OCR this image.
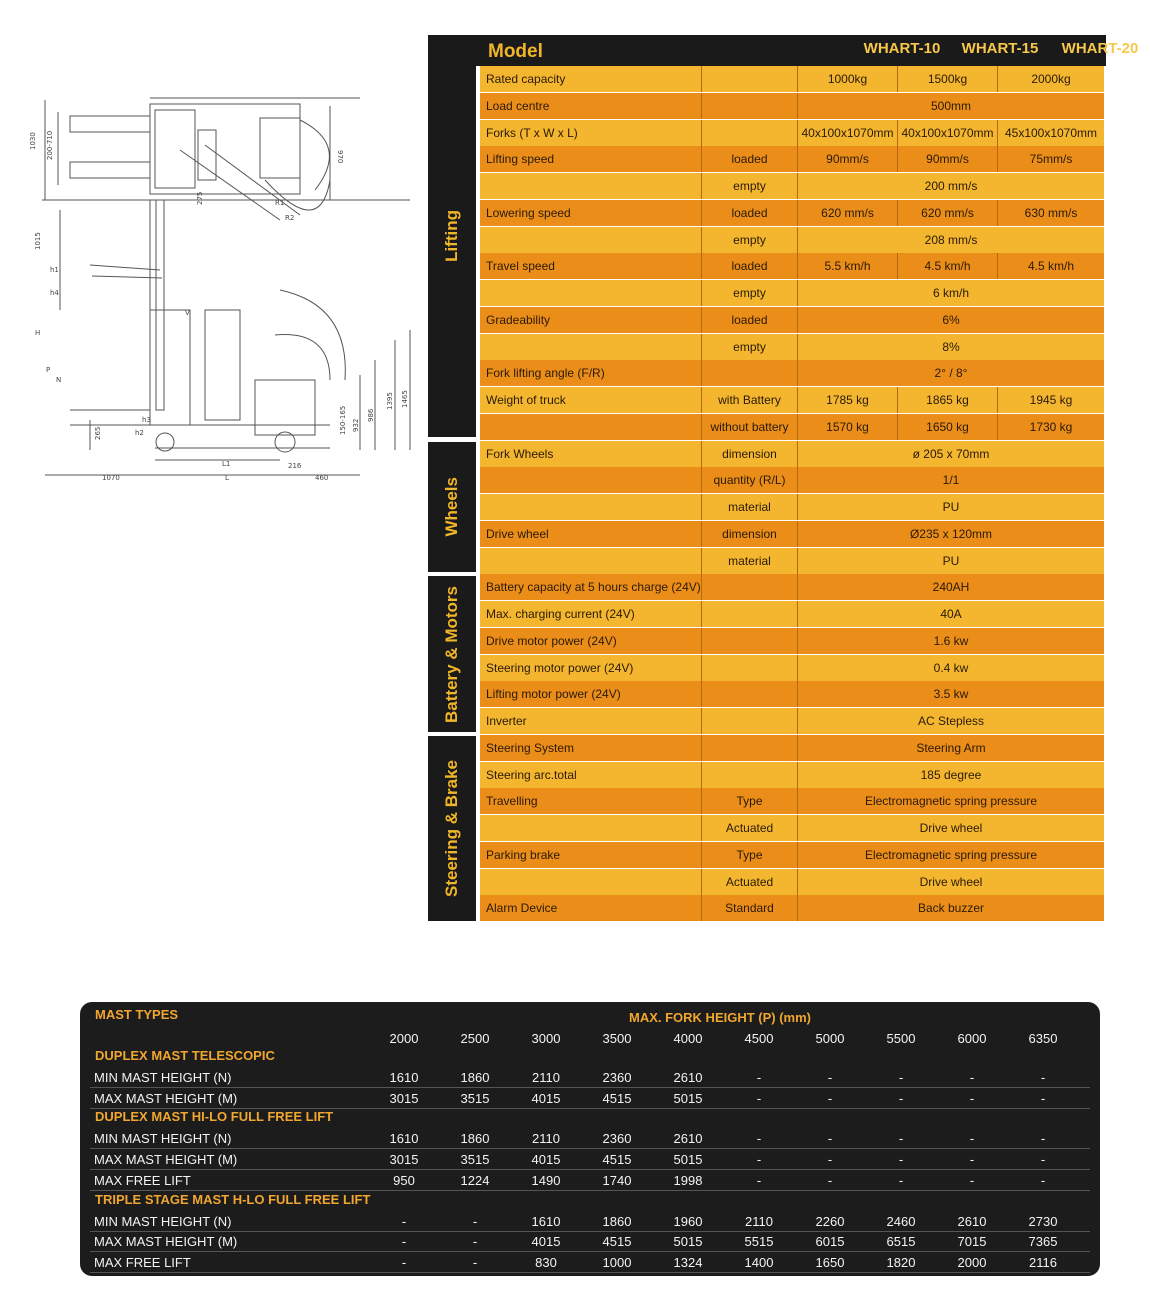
1030 200-710	970
275	R1
R2
1015
h1
h4
H
P
N
h3	150-165 932
986
1395 1465
L1	216
L	460
1070
265	h2
V
Lifting
Wheels
Battery & Motors
Steering & Brake
Model	WHART-10	WHART-15	WHART-20
Rated capacity	1000kg	1500kg	2000kg
Load centre	500mm
Forks (T x W x L)	40x100x1070mm 40x100x1070mm 45x100x1070mm
Lifting speed	loaded	90mm/s	90mm/s	75mm/s
empty	200 mm/s
Lowering speed	loaded	620 mm/s	620 mm/s	630 mm/s
empty	208 mm/s
Travel speed	loaded	5.5 km/h	4.5 km/h	4.5 km/h
empty	6 km/h
Gradeability	loaded	6%
empty	8%
Fork lifting angle (F/R)	2° / 8°
Weight of truck	with Battery	1785 kg	1865 kg	1945 kg
without battery	1570 kg	1650 kg	1730 kg
Fork Wheels	dimension	ø 205 x 70mm
quantity (R/L)	1/1
material	PU
Drive wheel	dimension	Ø235 x 120mm
material	PU
Battery capacity at 5 hours charge (24V)	240AH
Max. charging current (24V)	40A
Drive motor power (24V)	1.6 kw
Steering motor power (24V)	0.4 kw
Lifting motor power (24V)	3.5 kw
Inverter	AC Stepless
Steering System	Steering Arm
Steering arc.total	185 degree
Travelling	Type	Electromagnetic spring pressure
Actuated	Drive wheel
Parking brake	Type	Electromagnetic spring pressure
Actuated	Drive wheel
Alarm Device	Standard	Back buzzer
MAST TYPES	MAX. FORK HEIGHT (P) (mm)
2000	2500	3000	3500	4000	4500	5000	5500	6000	6350
DUPLEX MAST TELESCOPIC
MIN MAST HEIGHT (N)	1610	1860	2110	2360	2610	-	-	-	-	-
MAX MAST HEIGHT (M)	3015	3515	4015	4515	5015	-	-	-	-	-
DUPLEX MAST HI-LO FULL FREE LIFT
MIN MAST HEIGHT (N)	1610	1860	2110	2360	2610	-	-	-	-	-
MAX MAST HEIGHT (M)	3015	3515	4015	4515	5015	-	-	-	-	-
MAX FREE LIFT	950	1224	1490	1740	1998	-	-	-	-	-
TRIPLE STAGE MAST H-LO FULL FREE LIFT
MIN MAST HEIGHT (N)	-	-	1610	1860	1960	2110	2260	2460	2610	2730
MAX MAST HEIGHT (M)	-	-	4015	4515	5015	5515	6015	6515	7015	7365
MAX FREE LIFT	-	-	830	1000	1324	1400	1650	1820	2000	2116
